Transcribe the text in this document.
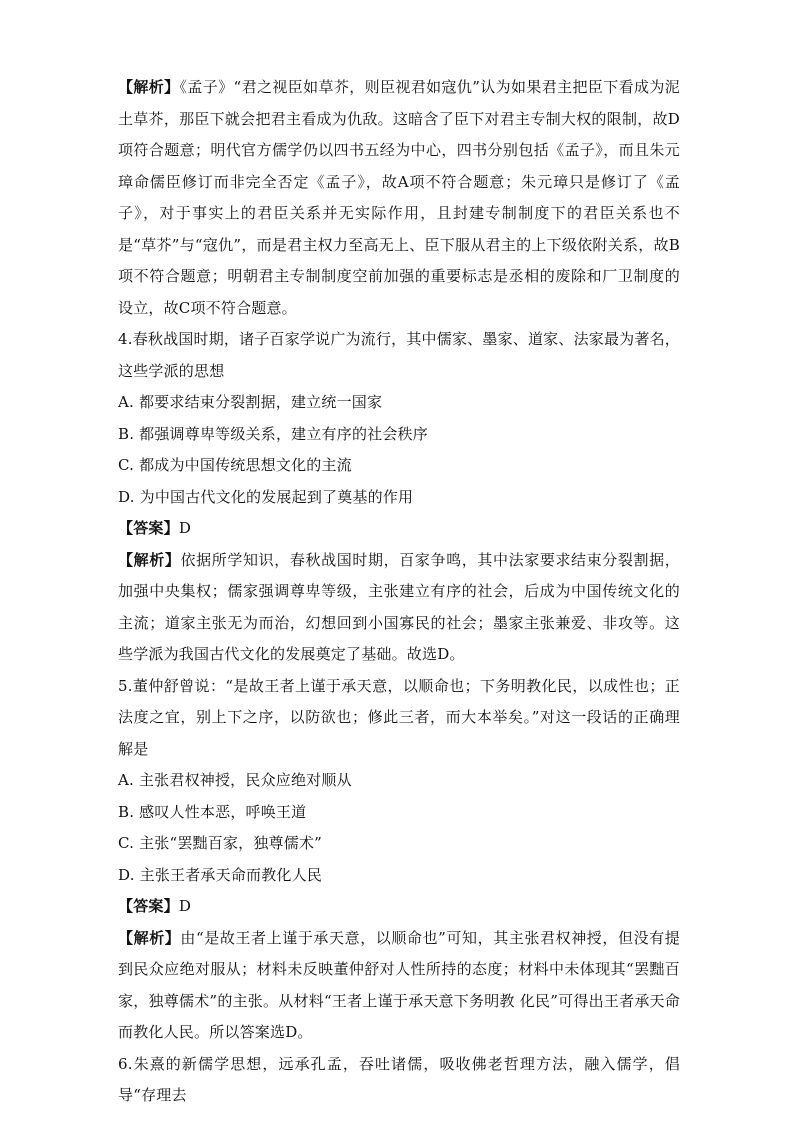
【解析】《孟子》“君之视臣如草芥，则臣视君如寇仇”认为如果君主把臣下看成为泥土草芥，那臣下就会把君主看成为仇敌。这暗含了臣下对君主专制大权的限制，故D项符合题意；明代官方儒学仍以四书五经为中心，四书分别包括《孟子》，而且朱元璋命儒臣修订而非完全否定《孟子》，故A项不符合题意；朱元璋只是修订了《孟子》，对于事实上的君臣关系并无实际作用，且封建专制制度下的君臣关系也不是“草芥”与“寇仇”，而是君主权力至高无上、臣下服从君主的上下级依附关系，故B项不符合题意；明朝君主专制制度空前加强的重要标志是丞相的废除和厂卫制度的设立，故C项不符合题意。

4.春秋战国时期，诸子百家学说广为流行，其中儒家、墨家、道家、法家最为著名，这些学派的思想

A. 都要求结束分裂割据，建立统一国家

B. 都强调尊卑等级关系，建立有序的社会秩序

C. 都成为中国传统思想文化的主流

D. 为中国古代文化的发展起到了奠基的作用

【答案】D

【解析】依据所学知识，春秋战国时期，百家争鸣，其中法家要求结束分裂割据，加强中央集权；儒家强调尊卑等级，主张建立有序的社会，后成为中国传统文化的主流；道家主张无为而治，幻想回到小国寡民的社会；墨家主张兼爱、非攻等。这些学派为我国古代文化的发展奠定了基础。故选D。

5.董仲舒曾说：“是故王者上谨于承天意，以顺命也；下务明教化民，以成性也；正法度之宜，别上下之序，以防欲也；修此三者，而大本举矣。”对这一段话的正确理解是

A. 主张君权神授，民众应绝对顺从

B. 感叹人性本恶，呼唤王道

C. 主张“罢黜百家，独尊儒术”

D. 主张王者承天命而教化人民

【答案】D

【解析】由“是故王者上谨于承天意，以顺命也”可知，其主张君权神授，但没有提到民众应绝对服从；材料未反映董仲舒对人性所持的态度；材料中未体现其“罢黜百家，独尊儒术”的主张。从材料“王者上谨于承天意下务明教 化民”可得出王者承天命而教化人民。所以答案选D。

6.朱熹的新儒学思想，远承孔孟，吞吐诸儒，吸收佛老哲理方法，融入儒学，倡导“存理去
